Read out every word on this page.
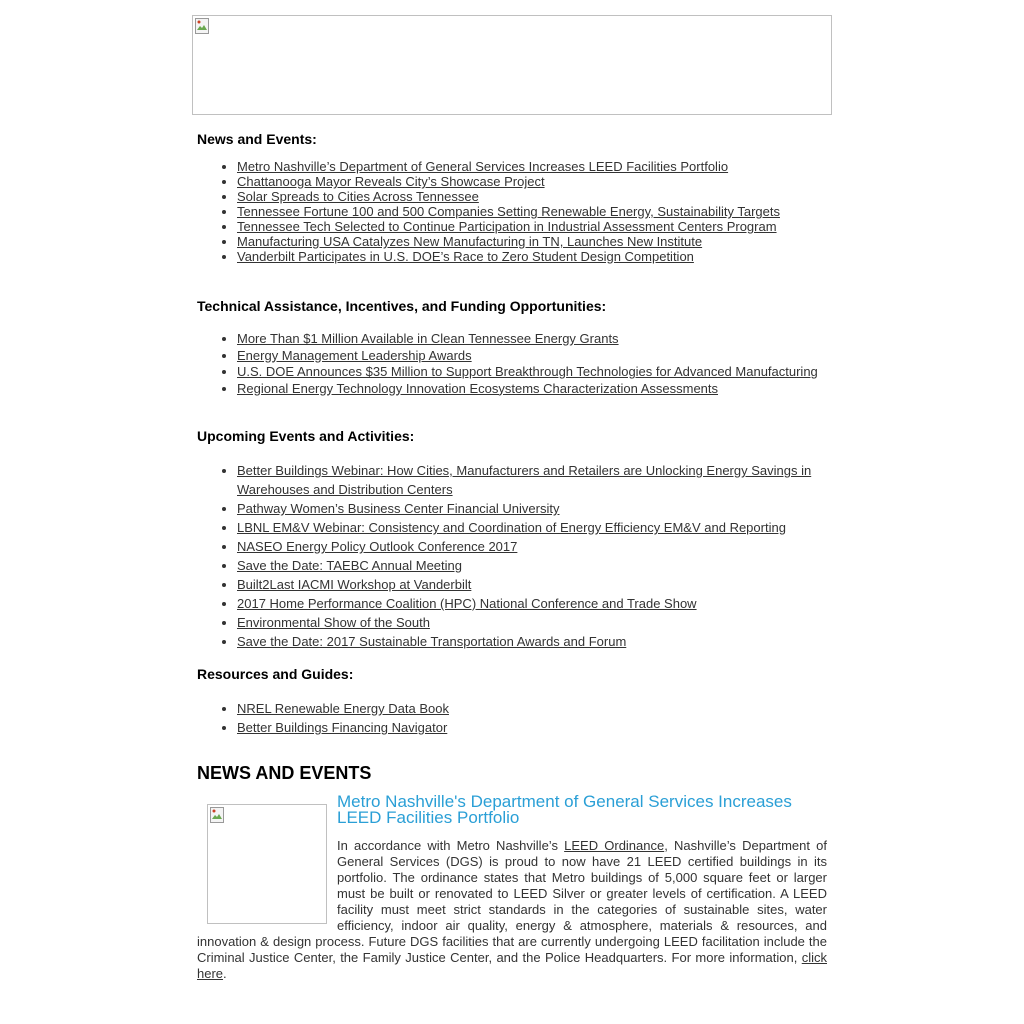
News and Events:
• Metro Nashville’s Department of General Services Increases LEED Facilities Portfolio
• Chattanooga Mayor Reveals City’s Showcase Project
• Solar Spreads to Cities Across Tennessee
• Tennessee Fortune 100 and 500 Companies Setting Renewable Energy, Sustainability Targets
• Tennessee Tech Selected to Continue Participation in Industrial Assessment Centers Program
• Manufacturing USA Catalyzes New Manufacturing in TN, Launches New Institute
• Vanderbilt Participates in U.S. DOE’s Race to Zero Student Design Competition
Technical Assistance, Incentives, and Funding Opportunities:
• More Than $1 Million Available in Clean Tennessee Energy Grants
• Energy Management Leadership Awards
• U.S. DOE Announces $35 Million to Support Breakthrough Technologies for Advanced Manufacturing
• Regional Energy Technology Innovation Ecosystems Characterization Assessments
Upcoming Events and Activities:
• Better Buildings Webinar: How Cities, Manufacturers and Retailers are Unlocking Energy Savings in Warehouses and Distribution Centers
• Pathway Women’s Business Center Financial University
• LBNL EM&V Webinar: Consistency and Coordination of Energy Efficiency EM&V and Reporting
• NASEO Energy Policy Outlook Conference 2017
• Save the Date: TAEBC Annual Meeting
• Built2Last IACMI Workshop at Vanderbilt
• 2017 Home Performance Coalition (HPC) National Conference and Trade Show
• Environmental Show of the South
• Save the Date: 2017 Sustainable Transportation Awards and Forum
Resources and Guides:
• NREL Renewable Energy Data Book
• Better Buildings Financing Navigator
NEWS AND EVENTS
Metro Nashville's Department of General Services Increases LEED Facilities Portfolio

In accordance with Metro Nashville’s LEED Ordinance, Nashville’s Department of General Services (DGS) is proud to now have 21 LEED certified buildings in its portfolio. The ordinance states that Metro buildings of 5,000 square feet or larger must be built or renovated to LEED Silver or greater levels of certification. A LEED facility must meet strict standards in the categories of sustainable sites, water efficiency, indoor air quality, energy & atmosphere, materials & resources, and innovation & design process. Future DGS facilities that are currently undergoing LEED facilitation include the Criminal Justice Center, the Family Justice Center, and the Police Headquarters. For more information, click here.
